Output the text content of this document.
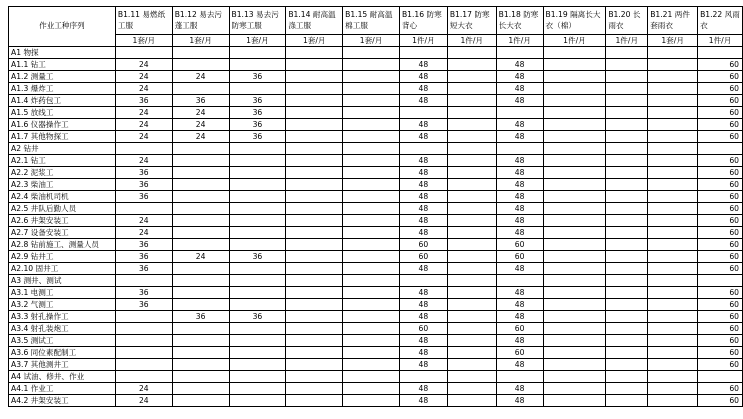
作业工种序列	B1.11 易燃纸工服	B1.12 易去污蓬工服	B1.13 易去污防寒工服	B1.14 耐高温涤工服	B1.15 耐高温棉工服	B1.16 防寒背心	B1.17 防寒短大衣	B1.18 防寒长大衣	B1.19 隔离长大衣（棉）	B1.20 长雨衣	B1.21 两件套雨衣	B1.22 风雨衣
	1套/月	1套/月	1套/月	1套/月	1套/月	1件/月	1件/月	1件/月	1件/月	1件/月	1套/月	1件/月
A1 物探												
A1.1 钻工	24					48		48				60
A1.2 测量工	24	24	36			48		48				60
A1.3 爆炸工	24					48		48				60
A1.4 炸药包工	36	36	36			48		48				60
A1.5 放线工	24	24	36									60
A1.6 仪器操作工	24	24	36			48		48				60
A1.7 其他物探工	24	24	36			48		48				60
A2 钻井												
A2.1 钻工	24					48		48				60
A2.2 泥浆工	36					48		48				60
A2.3 柴油工	36					48		48				60
A2.4 柴油机司机	36					48		48				60
A2.5 井队后勤人员						48		48				60
A2.6 井架安装工	24					48		48				60
A2.7 设备安装工	24					48		48				60
A2.8 钻前施工、测量人员	36					60		60				60
A2.9 钻井工	36	24	36			60		60				60
A2.10 固井工	36					48		48				60
A3 测井、测试												
A3.1 电测工	36					48		48				60
A3.2 气测工	36					48		48				60
A3.3 射孔操作工		36	36			48		48				60
A3.4 射孔装炮工						60		60				60
A3.5 测试工						48		48				60
A3.6 同位素配制工						48		60				60
A3.7 其他测井工						48		48				60
A4 试油、修井、作业												
A4.1 作业工	24					48		48				60
A4.2 井架安装工	24					48		48				60
